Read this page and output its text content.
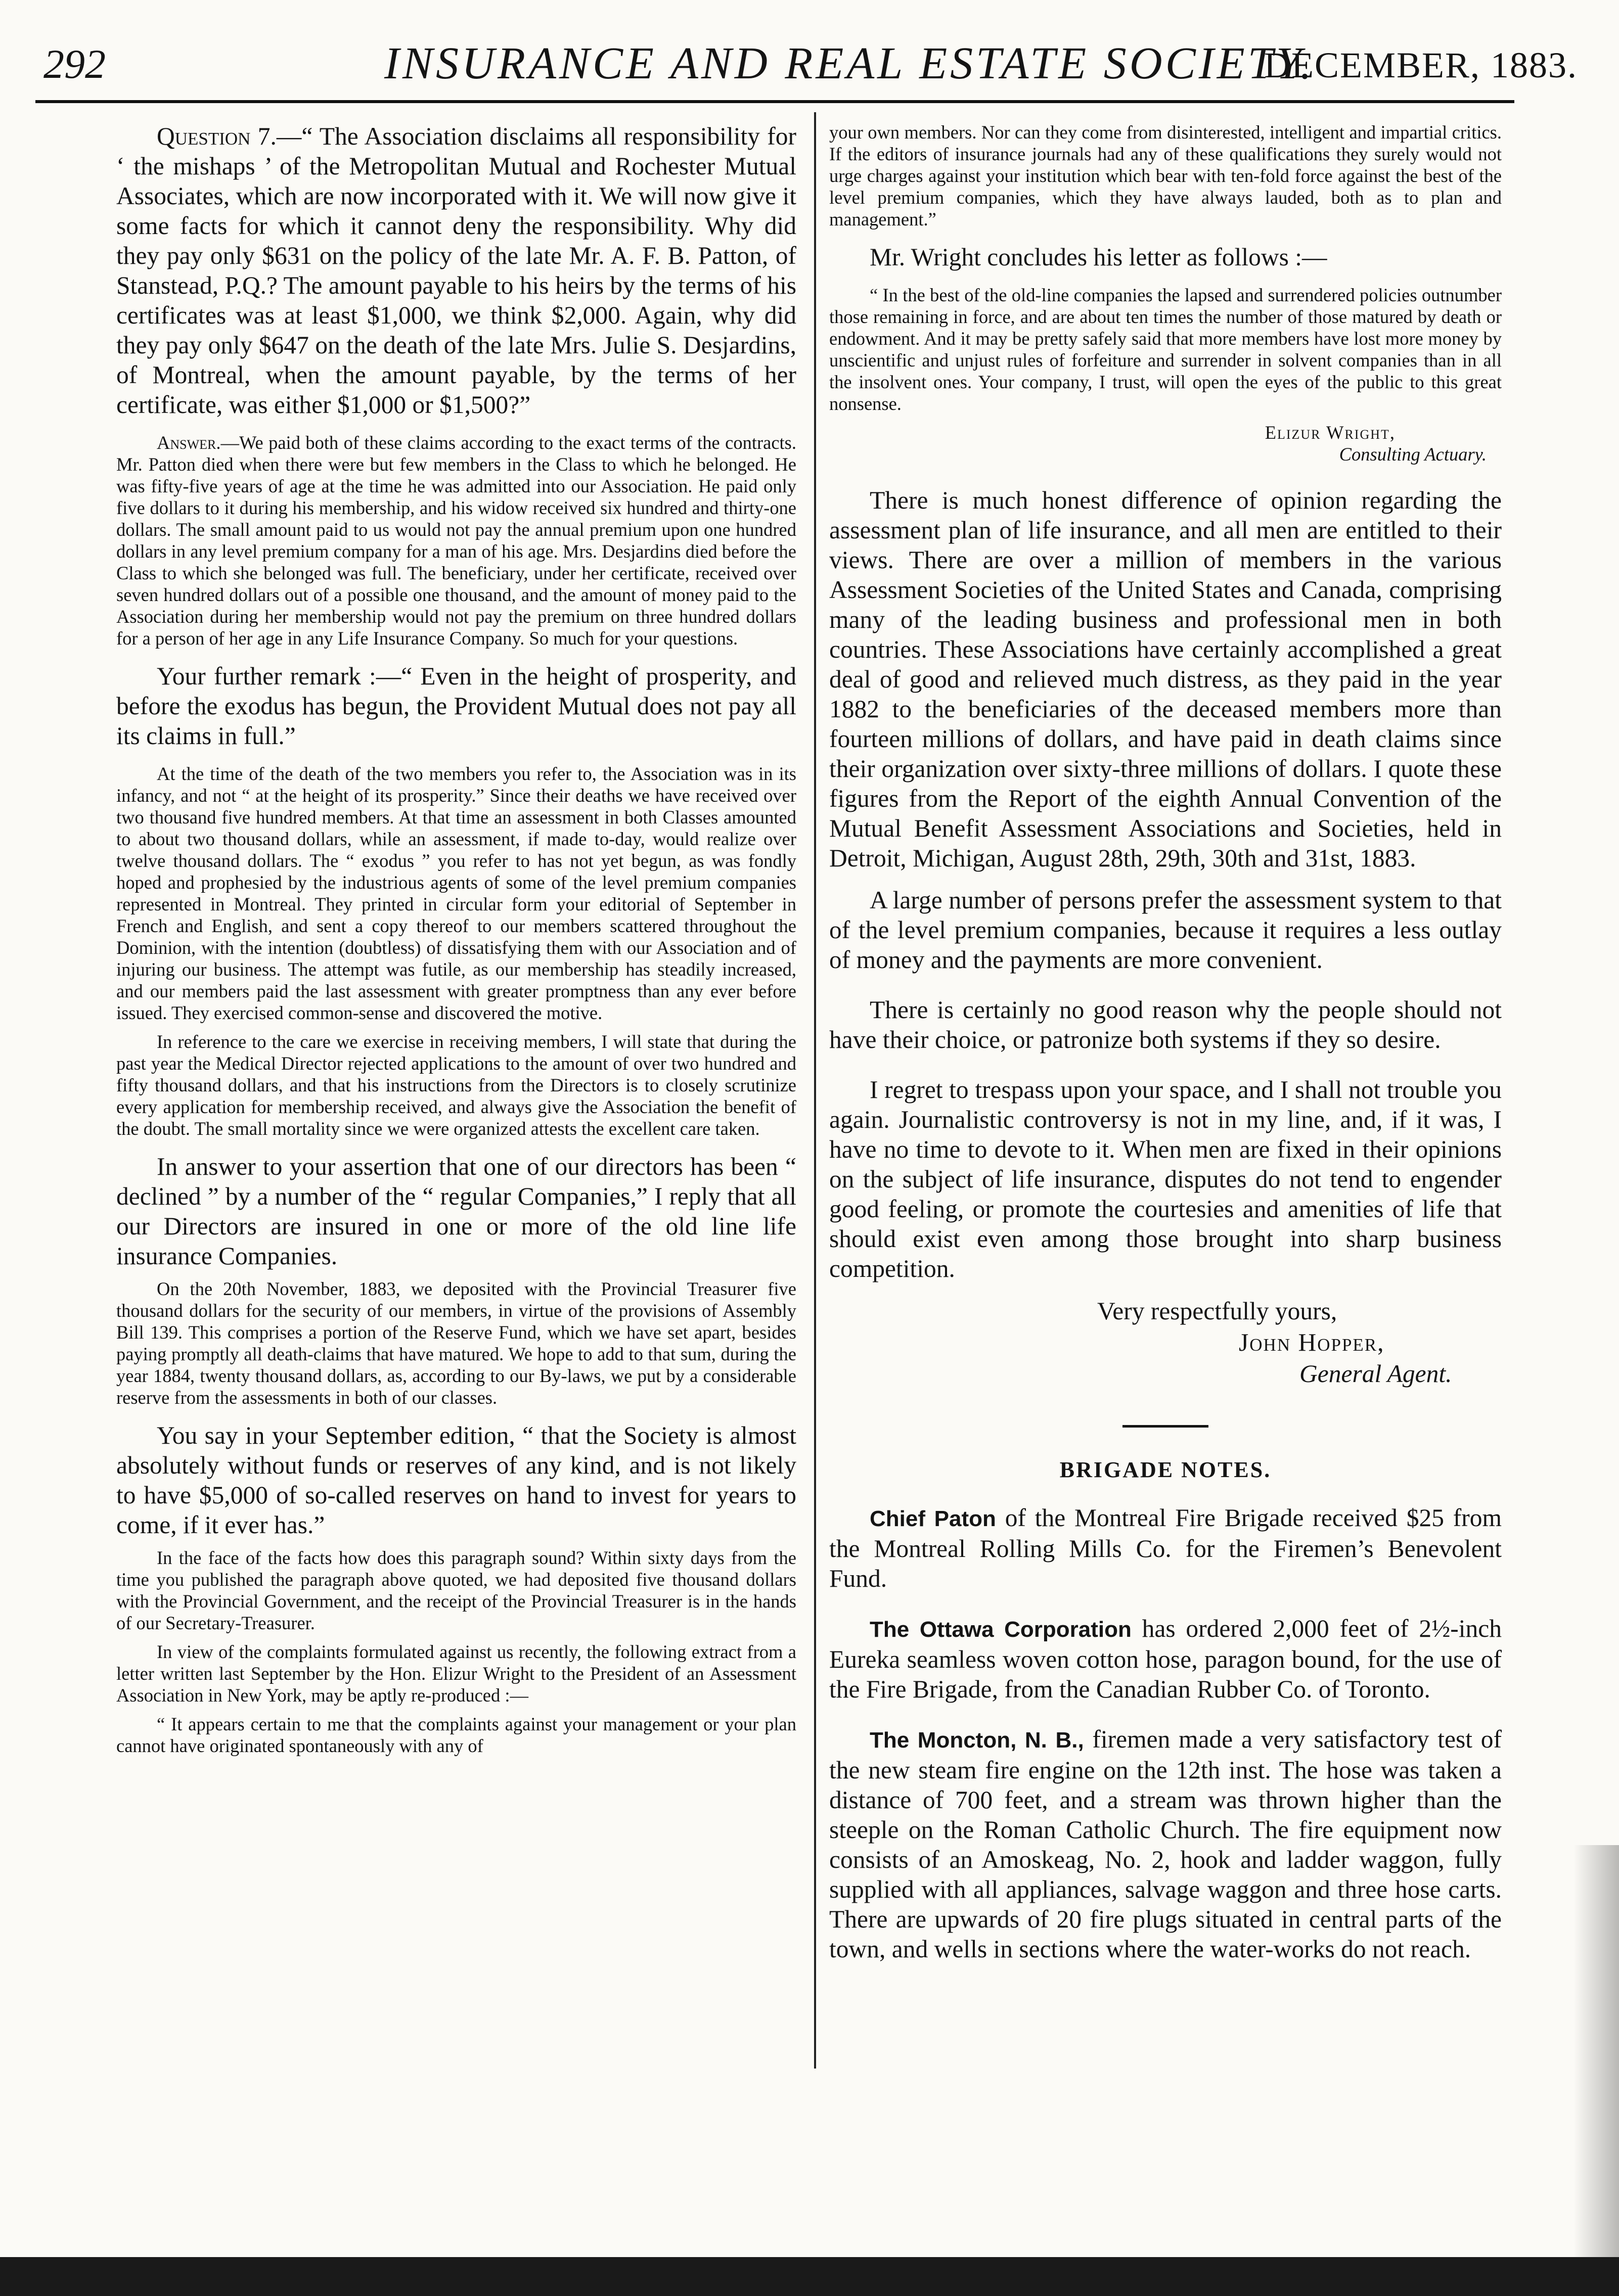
292	INSURANCE AND REAL ESTATE SOCIETY.
DECEMBER, 1883.

Question 7.—“ The Association disclaims all responsibility for ‘ the mishaps ’ of the Metropolitan Mutual and Rochester Mutual Associates, which are now incorporated with it. We will now give it some facts for which it cannot deny the responsibility. Why did they pay only $631 on the policy of the late Mr. A. F. B. Patton, of Stanstead, P.Q.? The amount payable to his heirs by the terms of his certificates was at least $1,000, we think $2,000. Again, why did they pay only $647 on the death of the late Mrs. Julie S. Desjardins, of Montreal, when the amount payable, by the terms of her certificate, was either $1,000 or $1,500?”

Answer.—We paid both of these claims according to the exact terms of the contracts. Mr. Patton died when there were but few members in the Class to which he belonged. He was fifty-five years of age at the time he was admitted into our Association. He paid only five dollars to it during his membership, and his widow received six hundred and thirty-one dollars. The small amount paid to us would not pay the annual premium upon one hundred dollars in any level premium company for a man of his age. Mrs. Desjardins died before the Class to which she belonged was full. The beneficiary, under her certificate, received over seven hundred dollars out of a possible one thousand, and the amount of money paid to the Association during her membership would not pay the premium on three hundred dollars for a person of her age in any Life Insurance Company. So much for your questions.

Your further remark :—“ Even in the height of prosperity, and before the exodus has begun, the Provident Mutual does not pay all its claims in full.”

At the time of the death of the two members you refer to, the Association was in its infancy, and not “ at the height of its prosperity.” Since their deaths we have received over two thousand five hundred members. At that time an assessment in both Classes amounted to about two thousand dollars, while an assessment, if made to-day, would realize over twelve thousand dollars. The “ exodus ” you refer to has not yet begun, as was fondly hoped and prophesied by the industrious agents of some of the level premium companies represented in Montreal. They printed in circular form your editorial of September in French and English, and sent a copy thereof to our members scattered throughout the Dominion, with the intention (doubtless) of dissatisfying them with our Association and of injuring our business. The attempt was futile, as our membership has steadily increased, and our members paid the last assessment with greater promptness than any ever before issued. They exercised common-sense and discovered the motive.

In reference to the care we exercise in receiving members, I will state that during the past year the Medical Director rejected applications to the amount of over two hundred and fifty thousand dollars, and that his instructions from the Directors is to closely scrutinize every application for membership received, and always give the Association the benefit of the doubt. The small mortality since we were organized attests the excellent care taken.

In answer to your assertion that one of our directors has been “ declined ” by a number of the “ regular Companies,” I reply that all our Directors are insured in one or more of the old line life insurance Companies.

On the 20th November, 1883, we deposited with the Provincial Treasurer five thousand dollars for the security of our members, in virtue of the provisions of Assembly Bill 139. This comprises a portion of the Reserve Fund, which we have set apart, besides paying promptly all death-claims that have matured. We hope to add to that sum, during the year 1884, twenty thousand dollars, as, according to our By-laws, we put by a considerable reserve from the assessments in both of our classes.

You say in your September edition, “ that the Society is almost absolutely without funds or reserves of any kind, and is not likely to have $5,000 of so-called reserves on hand to invest for years to come, if it ever has.”

In the face of the facts how does this paragraph sound? Within sixty days from the time you published the paragraph above quoted, we had deposited five thousand dollars with the Provincial Government, and the receipt of the Provincial Treasurer is in the hands of our Secretary-Treasurer.

In view of the complaints formulated against us recently, the following extract from a letter written last September by the Hon. Elizur Wright to the President of an Assessment Association in New York, may be aptly re-produced :—

“ It appears certain to me that the complaints against your management or your plan cannot have originated spontaneously with any of

your own members. Nor can they come from disinterested, intelligent and impartial critics. If the editors of insurance journals had any of these qualifications they surely would not urge charges against your institution which bear with ten-fold force against the best of the level premium companies, which they have always lauded, both as to plan and management.”

Mr. Wright concludes his letter as follows :—

“ In the best of the old-line companies the lapsed and surrendered policies outnumber those remaining in force, and are about ten times the number of those matured by death or endowment. And it may be pretty safely said that more members have lost more money by unscientific and unjust rules of forfeiture and surrender in solvent companies than in all the insolvent ones. Your company, I trust, will open the eyes of the public to this great nonsense.

Elizur Wright,
Consulting Actuary.

There is much honest difference of opinion regarding the assessment plan of life insurance, and all men are entitled to their views. There are over a million of members in the various Assessment Societies of the United States and Canada, comprising many of the leading business and professional men in both countries. These Associations have certainly accomplished a great deal of good and relieved much distress, as they paid in the year 1882 to the beneficiaries of the deceased members more than fourteen millions of dollars, and have paid in death claims since their organization over sixty-three millions of dollars. I quote these figures from the Report of the eighth Annual Convention of the Mutual Benefit Assessment Associations and Societies, held in Detroit, Michigan, August 28th, 29th, 30th and 31st, 1883.

A large number of persons prefer the assessment system to that of the level premium companies, because it requires a less outlay of money and the payments are more convenient.

There is certainly no good reason why the people should not have their choice, or patronize both systems if they so desire.

I regret to trespass upon your space, and I shall not trouble you again. Journalistic controversy is not in my line, and, if it was, I have no time to devote to it. When men are fixed in their opinions on the subject of life insurance, disputes do not tend to engender good feeling, or promote the courtesies and amenities of life that should exist even among those brought into sharp business competition.

Very respectfully yours,
John Hopper,
General Agent.
BRIGADE NOTES.

Chief Paton of the Montreal Fire Brigade received $25 from the Montreal Rolling Mills Co. for the Firemen’s Benevolent Fund.

The Ottawa Corporation has ordered 2,000 feet of 2½-inch Eureka seamless woven cotton hose, paragon bound, for the use of the Fire Brigade, from the Canadian Rubber Co. of Toronto.

The Moncton, N. B., firemen made a very satisfactory test of the new steam fire engine on the 12th inst. The hose was taken a distance of 700 feet, and a stream was thrown higher than the steeple on the Roman Catholic Church. The fire equipment now consists of an Amoskeag, No. 2, hook and ladder waggon, fully supplied with all appliances, salvage waggon and three hose carts. There are upwards of 20 fire plugs situated in central parts of the town, and wells in sections where the water-works do not reach.
